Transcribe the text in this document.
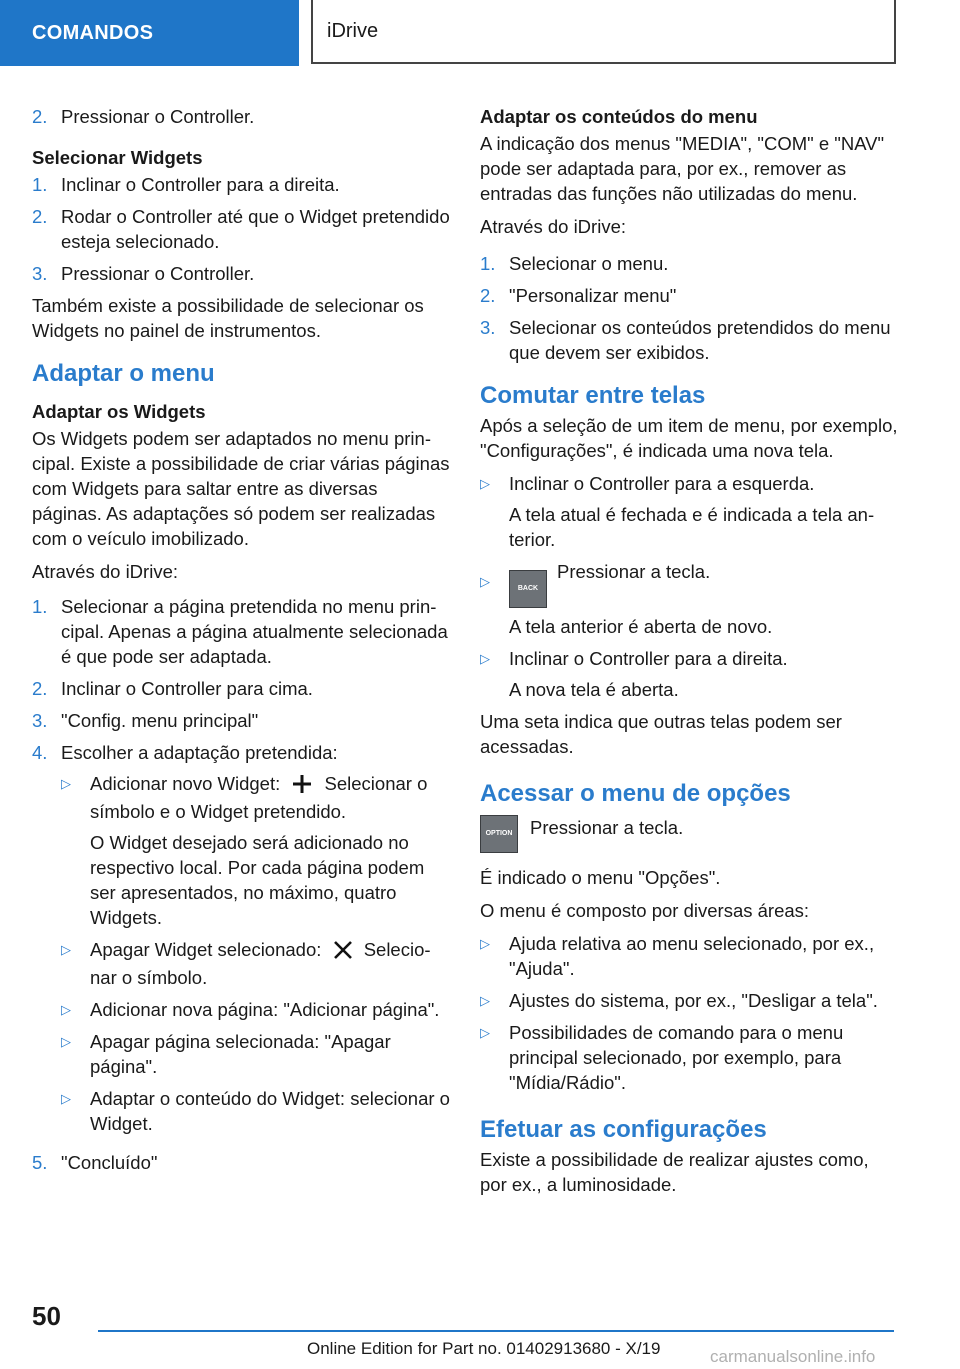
COMANDOS	iDrive
2. Pressionar o Controller.
Selecionar Widgets
1. Inclinar o Controller para a direita.
2. Rodar o Controller até que o Widget pretendido esteja selecionado.
3. Pressionar o Controller.

Também existe a possibilidade de selecionar os Widgets no painel de instrumentos.

Adaptar o menu
Adaptar os Widgets

Os Widgets podem ser adaptados no menu principal. Existe a possibilidade de criar várias páginas com Widgets para saltar entre as diversas páginas. As adaptações só podem ser realizadas com o veículo imobilizado.

Através do iDrive:

1. Selecionar a página pretendida no menu principal. Apenas a página atualmente selecionada é que pode ser adaptada.
2. Inclinar o Controller para cima.
3. "Config. menu principal"
4. Escolher a adaptação pretendida:
▷	Adicionar novo Widget: Selecionar o símbolo e o Widget pretendido.
O Widget desejado será adicionado no respectivo local. Por cada página podem ser apresentados, no máximo, quatro Widgets.
▷	Apagar Widget selecionado: Selecionar o símbolo.
▷	Adicionar nova página: "Adicionar página".
▷	Apagar página selecionada: "Apagar página".
▷	Adaptar o conteúdo do Widget: selecionar o Widget.
5. "Concluído"
Adaptar os conteúdos do menu

A indicação dos menus "MEDIA", "COM" e "NAV" pode ser adaptada para, por ex., remover as entradas das funções não utilizadas do menu.

Através do iDrive:

1. Selecionar o menu.
2. "Personalizar menu"
3. Selecionar os conteúdos pretendidos do menu que devem ser exibidos.
Comutar entre telas

Após a seleção de um item de menu, por exemplo, "Configurações", é indicada uma nova tela.

▷	Inclinar o Controller para a esquerda.
A tela atual é fechada e é indicada a tela anterior.
▷	BACKPressionar a tecla.
A tela anterior é aberta de novo.
▷	Inclinar o Controller para a direita.
A nova tela é aberta.

Uma seta indica que outras telas podem ser acessadas.

Acessar o menu de opções
OPTION Pressionar a tecla.

É indicado o menu "Opções".

O menu é composto por diversas áreas:

▷	Ajuda relativa ao menu selecionado, por ex., "Ajuda".
▷	Ajustes do sistema, por ex., "Desligar a tela".
▷	Possibilidades de comando para o menu principal selecionado, por exemplo, para "Mídia/Rádio".
Efetuar as configurações

Existe a possibilidade de realizar ajustes como, por ex., a luminosidade.

50
Online Edition for Part no. 01402913680 - X/19	carmanualsonline.info
